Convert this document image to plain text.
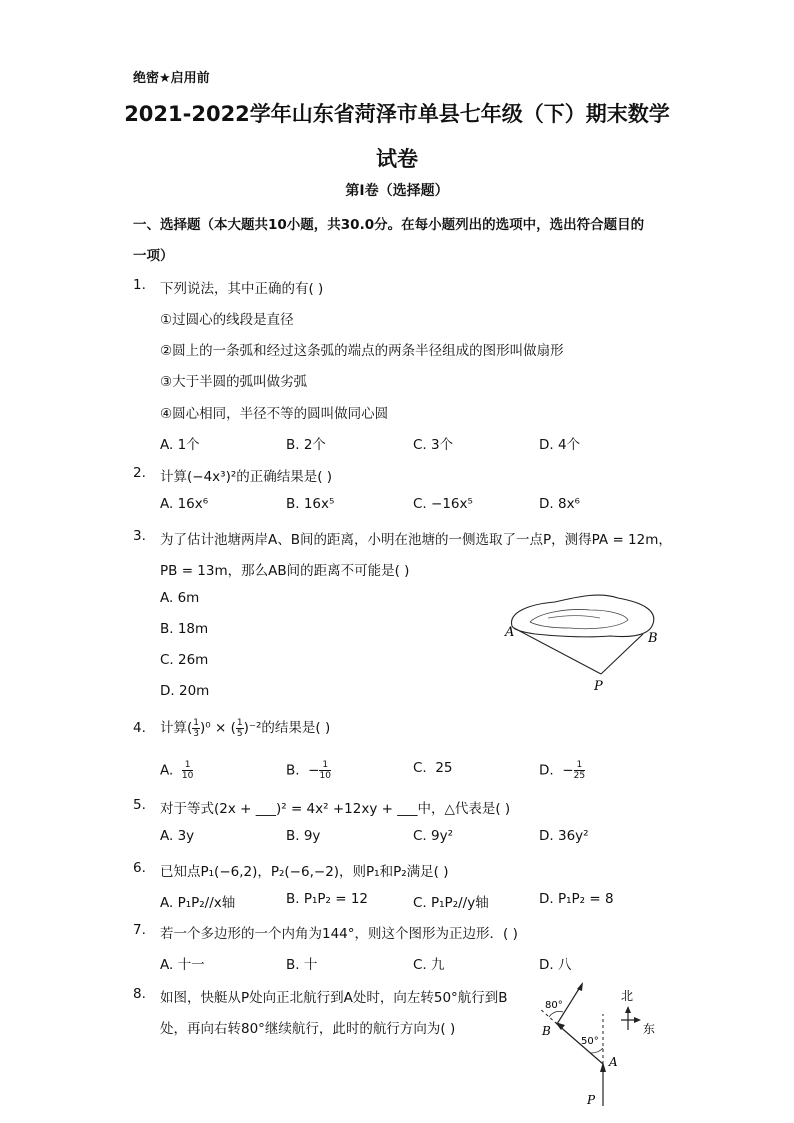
绝密★启用前
2021-2022学年山东省菏泽市单县七年级（下）期末数学
试卷
第Ⅰ卷（选择题）
一、选择题（本大题共10小题，共30.0分。在每小题列出的选项中，选出符合题目的
一项）
1. 下列说法，其中正确的有( )
①过圆心的线段是直径
②圆上的一条弧和经过这条弧的端点的两条半径组成的图形叫做扇形
③大于半圆的弧叫做劣弧
④圆心相同，半径不等的圆叫做同心圆
A. 1个	B. 2个	C. 3个	D. 4个
2. 计算(−4x³)²的正确结果是( )
A. 16x⁶	B. 16x⁵	C. −16x⁵	D. 8x⁶
3. 为了估计池塘两岸A、B间的距离，小明在池塘的一侧选取了一点P，测得PA = 12m，
PB = 13m，那么AB间的距离不可能是( )
A. 6m
B. 18m
C. 26m
D. 20m
A	B
P
4. 计算( $\frac{1}{3} )^0$ × ( $\frac{1}{5} )^{-2}$的结果是( )
A. $\frac{1}{10}$	B. − $\frac{1}{10}$	C. 25	D. − $\frac{1}{25}$
5. 对于等式(2x + ___)² = 4x² +12xy + ___中，△代表是( )
A. 3y	B. 9y	C. 9y²	D. 36y²
6. 已知点P₁(−6,2)，P₂(−6,−2)，则P₁和P₂满足( )
A. P₁P₂//x轴	B. P₁P₂ = 12	C. P₁P₂//y轴	D. P₁P₂ = 8
7. 若一个多边形的一个内角为144°，则这个图形为正边形．( )
A. 十一	B. 十	C. 九	D. 八
8. 如图，快艇从P处向正北航行到A处时，向左转50°航行到B
处，再向右转80°继续航行，此时的航行方向为( )
80°
50°
B
A
P
北
东
